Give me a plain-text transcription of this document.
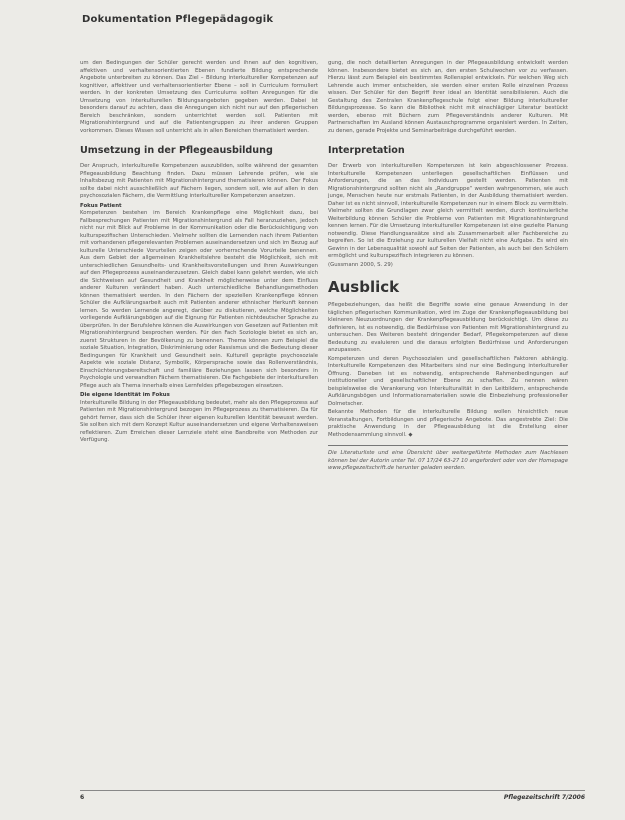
Dokumentation Pflegepädagogik

um den Bedingungen der Schüler gerecht werden und ihnen auf den kognitiven, affektiven und verhaltensorientierten Ebenen fundierte Bildung entsprechende Angebote unterbreiten zu können. Das Ziel – Bildung interkultureller Kompetenzen auf kognitiver, affektiver und verhaltensorientierter Ebene – soll in Curriculum formuliert werden. In der konkreten Umsetzung des Curriculums sollten Anregungen für die Umsetzung von interkulturellen Bildungsangeboten gegeben werden. Dabei ist besonders darauf zu achten, dass die Anregungen sich nicht nur auf den pflegerischen Bereich beschränken, sondern unterrichtet werden soll. Patienten mit Migrationshintergrund und auf die Patientengruppen zu ihrer anderen Gruppen vorkommen. Dieses Wissen soll unterricht als in allen Bereichen thematisiert werden.

Umsetzung in der Pflegeausbildung

Der Anspruch, interkulturelle Kompetenzen auszubilden, sollte während der gesamten Pflegeausbildung Beachtung finden. Dazu müssen Lehrende prüfen, wie sie Inhaltsbezug mit Patienten mit Migrationshintergrund thematisieren können. Der Fokus sollte dabei nicht ausschließlich auf Fächern liegen, sondern soll, wie auf allen in den psychosozialen Fächern, die Vermittlung interkultureller Kompetenzen ansetzen.

Fokus Patient

Kompetenzen bestehen im Bereich Krankenpflege eine Möglichkeit dazu, bei Fallbesprechungen Patienten mit Migrationshintergrund als Fall heranzuziehen, jedoch nicht nur mit Blick auf Probleme in der Kommunikation oder die Berücksichtigung von kulturspezifischen Unterschieden. Vielmehr sollten die Lernenden nach ihrem Patienten mit vorhandenen pflegerelevanten Problemen auseinandersetzen und sich im Bezug auf kulturelle Unterschiede Vorurteilen zeigen oder vorherrschende Vorurteile benennen. Aus dem Gebiet der allgemeinen Krankheitslehre besteht die Möglichkeit, sich mit unterschiedlichen Gesundheits- und Krankheitsvorstellungen und ihren Auswirkungen auf den Pflegeprozess auseinanderzusetzen. Gleich dabei kann gelehrt werden, wie sich die Sichtweisen auf Gesundheit und Krankheit möglicherweise unter dem Einfluss anderer Kulturen verändert haben. Auch unterschiedliche Behandlungsmethoden können thematisiert werden. In den Fächern der speziellen Krankenpflege können Schüler die Aufklärungsarbeit auch mit Patienten anderer ethnischer Herkunft kennen lernen. So werden Lernende angeregt, darüber zu diskutieren, welche Möglichkeiten vorliegende Aufklärungsbögen auf die Eignung für Patienten nichtdeutscher Sprache zu überprüfen. In der Berufslehre können die Auswirkungen von Gesetzen auf Patienten mit Migrationshintergrund besprochen werden. Für den Fach Soziologie bietet es sich an, zuerst Strukturen in der Bevölkerung zu benennen. Thema können zum Beispiel die soziale Situation, Integration, Diskriminierung oder Rassismus und die Bedeutung dieser Bedingungen für Krankheit und Gesundheit sein. Kulturell geprägte psychosoziale Aspekte wie soziale Distanz, Symbolik, Körpersprache sowie das Rollenverständnis, Einschüchterungsbereitschaft und familiäre Beziehungen lassen sich besonders in Psychologie und verwandten Fächern thematisieren. Die Fachgebiete der interkulturellen Pflege auch als Thema innerhalb eines Lernfeldes pflegebezogen einsetzen.

Die eigene Identität im Fokus

Interkulturelle Bildung in der Pflegeausbildung bedeutet, mehr als den Pflegeprozess auf Patienten mit Migrationshintergrund bezogen im Pflegeprozess zu thematisieren. Da für gehört ferner, dass sich die Schüler ihrer eigenen kulturellen Identität bewusst werden. Sie sollten sich mit dem Konzept Kultur auseinandersetzen und eigene Verhaltensweisen reflektieren. Zum Erreichen dieser Lernziele steht eine Bandbreite von Methoden zur Verfügung.

gung, die noch detaillierten Anregungen in der Pflegeausbildung entwickelt werden können. Insbesondere bietet es sich an, den ersten Schulwochen vor zu verfassen. Hierzu lässt zum Beispiel ein bestimmtes Rollenspiel entwickeln. Für welchen Weg sich Lehrende auch immer entscheiden, sie werden einer ersten Rolle einzelnen Prozess wissen. Der Schüler für den Begriff ihrer ideal an Identität sensibilisieren. Auch die Gestaltung des Zentralen Krankenpflegeschule folgt einer Bildung interkultureller Bildungsprozesse. So kann die Bibliothek nicht mit einschlägiger Literatur bestückt werden, ebenso mit Büchern zum Pflegeverständnis anderer Kulturen. Mit Partnerschaften im Ausland können Austauschprogramme organisiert werden. In Zeiten, zu denen, gerade Projekte und Seminarbeiträge durchgeführt werden.

Interpretation

Der Erwerb von interkulturellen Kompetenzen ist kein abgeschlossener Prozess. Interkulturelle Kompetenzen unterliegen gesellschaftlichen Einflüssen und Anforderungen, die an das Individuum gestellt werden. Patienten mit Migrationshintergrund sollten nicht als „Randgruppe“ werden wahrgenommen, wie auch junge, Menschen heute nur erstmals Patienten, in der Ausbildung thematisiert werden. Daher ist es nicht sinnvoll, interkulturelle Kompetenzen nur in einem Block zu vermitteln. Vielmehr sollten die Grundlagen zwar gleich vermittelt werden, durch kontinuierliche Weiterbildung können Schüler die Probleme von Patienten mit Migrationshintergrund kennen lernen. Für die Umsetzung interkultureller Kompetenzen ist eine gezielte Planung notwendig. Diese Handlungsansätze sind als Zusammenarbeit aller Fachbereiche zu begreifen. So ist die Erziehung zur kulturellen Vielfalt nicht eine Aufgabe. Es wird ein Gewinn in der Lebensqualität sowohl auf Seiten der Patienten, als auch bei den Schülern ermöglicht und kulturspezifisch integrieren zu können.

(Gussmann 2000, S. 29)

Ausblick

Pflegebeziehungen, das heißt die Begriffe sowie eine genaue Anwendung in der täglichen pflegerischen Kommunikation, wird im Zuge der Krankenpflegeausbildung bei kleineren Neuzuordnungen der Krankenpflegeausbildung berücksichtigt. Um diese zu definieren, ist es notwendig, die Bedürfnisse von Patienten mit Migrationshintergrund zu untersuchen. Des Weiteren besteht dringender Bedarf, Pflegekompetenzen auf diese Bedeutung zu evaluieren und die daraus erfolgten Bedürfnisse und Anforderungen anzupassen.

Kompetenzen und deren Psychosozialen und gesellschaftlichen Faktoren abhängig. Interkulturelle Kompetenzen des Mitarbeiters sind nur eine Bedingung interkultureller Öffnung. Daneben ist es notwendig, entsprechende Rahmenbedingungen auf institutioneller und gesellschaftlicher Ebene zu schaffen. Zu nennen wären beispielsweise die Verankerung von Interkulturalität in den Leitbildern, entsprechende Aufklärungsbögen und Informationsmaterialien sowie die Einbeziehung professioneller Dolmetscher.

Bekannte Methoden für die interkulturelle Bildung wollen hinsichtlich neue Veranstaltungen, Fortbildungen und pflegerische Angebote. Das angestrebte Ziel: Die praktische Anwendung in der Pflegeausbildung ist die Erstellung einer Methodensammlung sinnvoll. ◆

Die Literaturliste und eine Übersicht über weitergeführte Methoden zum Nachlesen können bei der Autorin unter Tel. 07 17/24 63-27 10 angefordert oder von der Homepage www.pflegezeitschrift.de herunter geladen werden.

6	Pflegezeitschrift 7/2006
